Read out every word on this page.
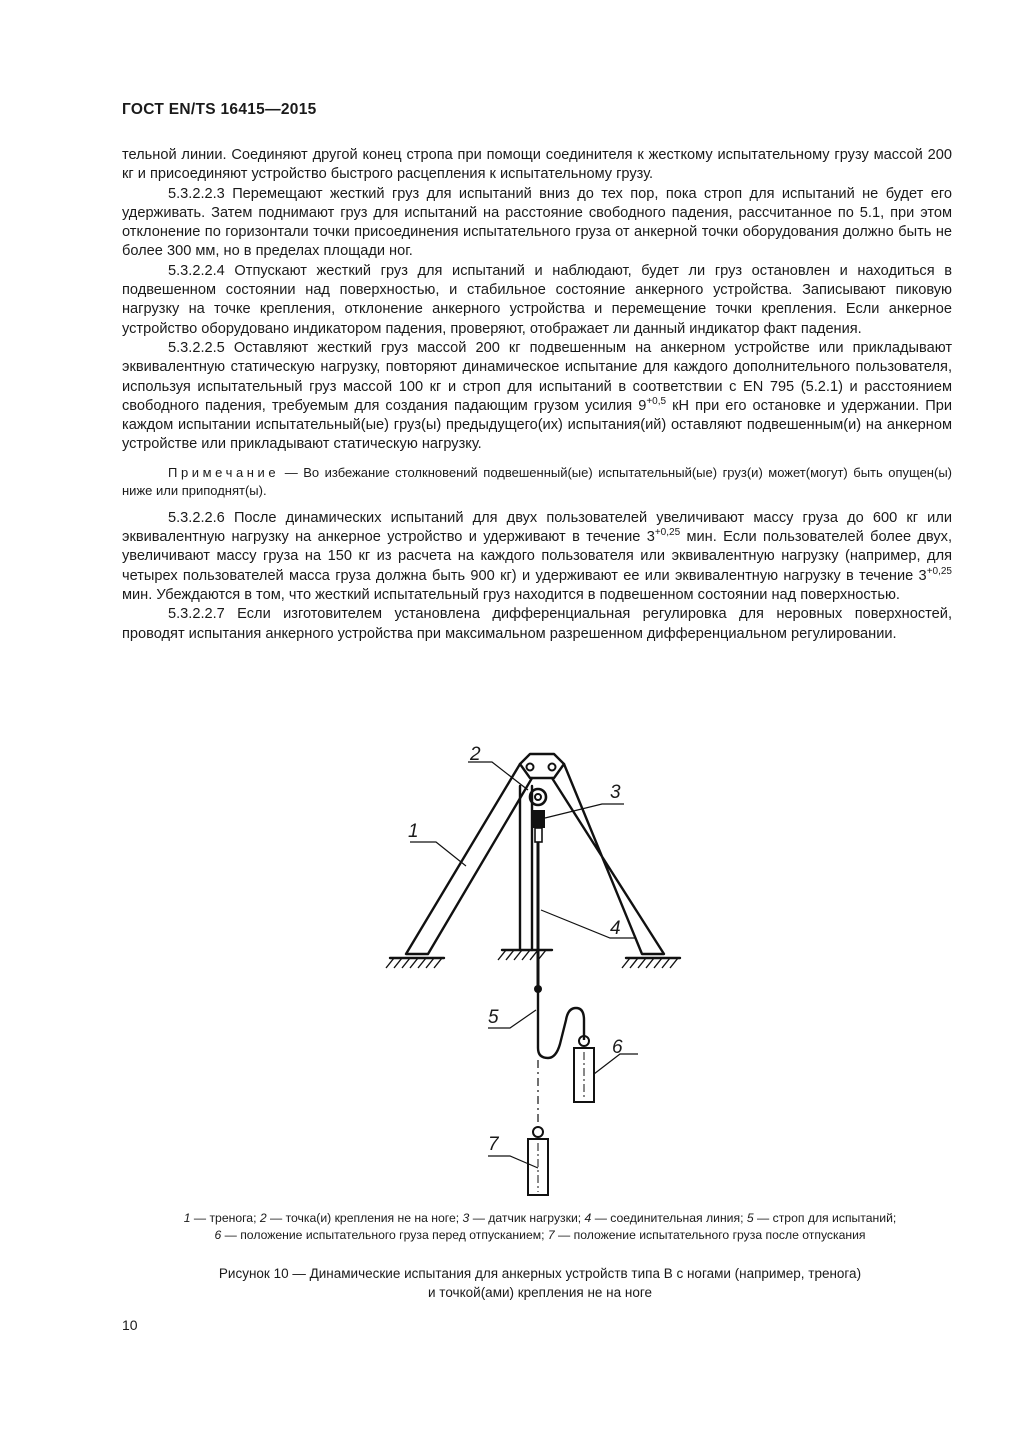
ГОСТ EN/TS 16415—2015

тельной линии. Соединяют другой конец стропа при помощи соединителя к жесткому испытательному грузу массой 200 кг и присоединяют устройство быстрого расцепления к испытательному грузу.

5.3.2.2.3 Перемещают жесткий груз для испытаний вниз до тех пор, пока строп для испытаний не будет его удерживать. Затем поднимают груз для испытаний на расстояние свободного падения, рассчитанное по 5.1, при этом отклонение по горизонтали точки присоединения испытательного груза от анкерной точки оборудования должно быть не более 300 мм, но в пределах площади ног.

5.3.2.2.4 Отпускают жесткий груз для испытаний и наблюдают, будет ли груз остановлен и находиться в подвешенном состоянии над поверхностью, и стабильное состояние анкерного устройства. Записывают пиковую нагрузку на точке крепления, отклонение анкерного устройства и перемещение точки крепления. Если анкерное устройство оборудовано индикатором падения, проверяют, отображает ли данный индикатор факт падения.

5.3.2.2.5 Оставляют жесткий груз массой 200 кг подвешенным на анкерном устройстве или прикладывают эквивалентную статическую нагрузку, повторяют динамическое испытание для каждого дополнительного пользователя, используя испытательный груз массой 100 кг и строп для испытаний в соответствии с EN 795 (5.2.1) и расстоянием свободного падения, требуемым для создания падающим грузом усилия $9^{+0,5}$ кН при его остановке и удержании. При каждом испытании испытательный(ые) груз(ы) предыдущего(их) испытания(ий) оставляют подвешенным(и) на анкерном устройстве или прикладывают статическую нагрузку.

Примечание — Во избежание столкновений подвешенный(ые) испытательный(ые) груз(и) может(могут) быть опущен(ы) ниже или приподнят(ы).

5.3.2.2.6 После динамических испытаний для двух пользователей увеличивают массу груза до 600 кг или эквивалентную нагрузку на анкерное устройство и удерживают в течение $3^{+0,25}$ мин. Если пользователей более двух, увеличивают массу груза на 150 кг из расчета на каждого пользователя или эквивалентную нагрузку (например, для четырех пользователей масса груза должна быть 900 кг) и удерживают ее или эквивалентную нагрузку в течение $3^{+0,25}$ мин. Убеждаются в том, что жесткий испытательный груз находится в подвешенном состоянии над поверхностью.

5.3.2.2.7 Если изготовителем установлена дифференциальная регулировка для неровных поверхностей, проводят испытания анкерного устройства при максимальном разрешенном дифференциальном регулировании.

1
2
3
4
5
6
7
1 — тренога; 2 — точка(и) крепления не на ноге; 3 — датчик нагрузки; 4 — соединительная линия; 5 — строп для испытаний;
6 — положение испытательного груза перед отпусканием; 7 — положение испытательного груза после отпускания
Рисунок 10 — Динамические испытания для анкерных устройств типа В с ногами (например, тренога)
и точкой(ами) крепления не на ноге
10
